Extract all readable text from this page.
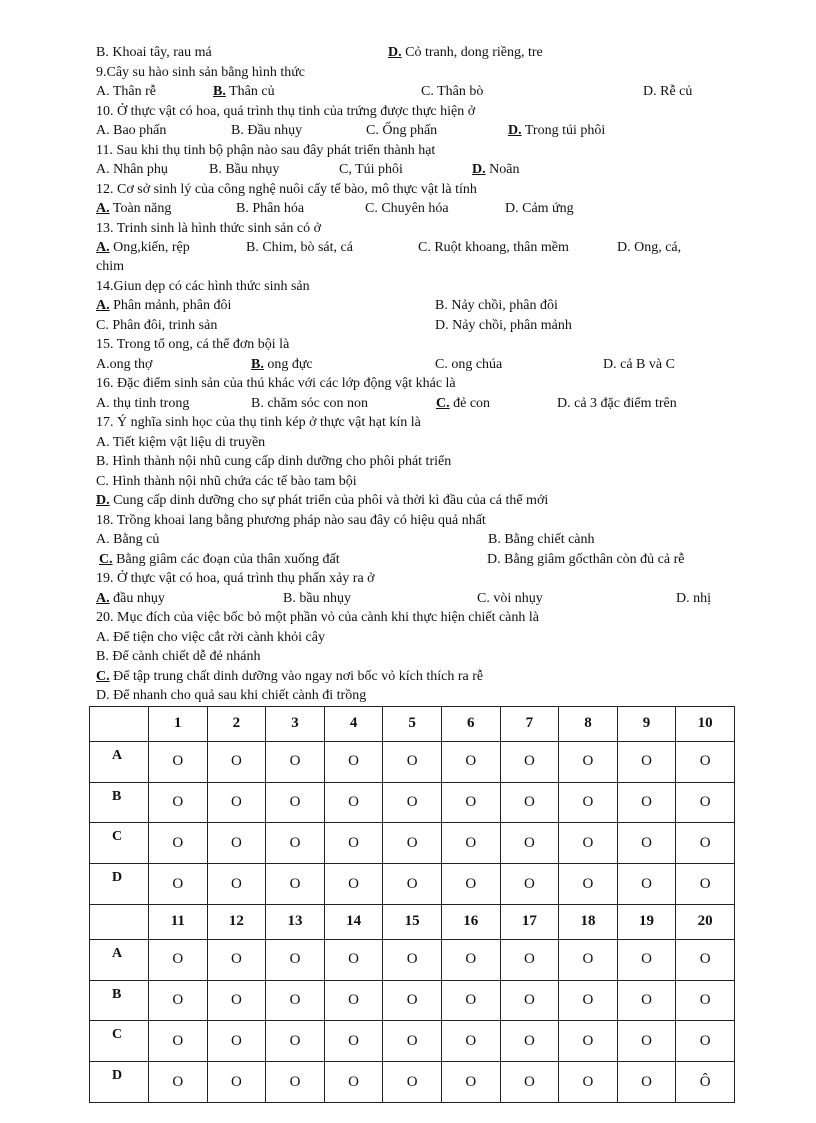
B. Khoai tây, rau má	D. Cỏ tranh, dong riềng, tre
9.Cây su hào sinh sản bằng hình thức
A. Thân rễ	B. Thân củ	C. Thân bò	D. Rễ củ
10. Ở thực vật có hoa, quá trình thụ tinh của trứng được thực hiện ở
A. Bao phấn	B. Đầu nhụy	C. Ống phấn	D. Trong túi phôi
11. Sau khi thụ tinh bộ phận nào sau đây phát triển thành hạt
A. Nhân phụ	B. Bầu nhụy	C, Túi phôi	D. Noãn
12. Cơ sở sinh lý của công nghệ nuôi cấy tế bào, mô thực vật là tính
A. Toàn năng	B. Phân hóa	C. Chuyên hóa	D. Cảm ứng
13. Trinh sinh là hình thức sinh sản có ở
A. Ong,kiến, rệp	B. Chim, bò sát, cá	C. Ruột khoang, thân mềm	D. Ong, cá,
chim
14.Giun dẹp có các hình thức sinh sản
A. Phân mảnh, phân đôi	B. Nảy chồi, phân đôi
C. Phân đôi, trinh sản	D. Nảy chồi, phân mảnh
15. Trong tổ ong, cá thể đơn bội là
A.ong thợ	B. ong đực	C. ong chúa	D. cả B và C
16. Đặc điểm sinh sản của thú khác với các lớp động vật khác là
A. thụ tinh trong	B. chăm sóc con non	C. đẻ con	D. cả 3 đặc điểm trên
17. Ý nghĩa sinh học của thụ tinh kép ở thực vật hạt kín là
A. Tiết kiệm vật liệu di truyền
B. Hình thành nội nhũ cung cấp dinh dưỡng cho phôi phát triển
C. Hình thành nội nhũ chứa các tế bào tam bội
D. Cung cấp dinh dưỡng cho sự phát triển của phôi và thời kì đầu của cá thể mới
18. Trồng khoai lang bằng phương pháp nào sau đây có hiệu quả nhất
A. Bằng củ	B. Bằng chiết cành
C. Bằng giâm các đoạn của thân xuống đất	D. Bằng giâm gốcthân còn đủ cả rễ
19. Ở thực vật có hoa, quá trình thụ phấn xảy ra ở
A. đầu nhụy	B. bầu nhụy	C. vòi nhụy	D. nhị
20. Mục đích của việc bốc bỏ một phần vỏ của cành khi thực hiện chiết cành là
A. Để tiện cho việc cắt rời cành khỏi cây
B. Để cành chiết dễ đẻ nhánh
C. Để tập trung chất dinh dưỡng vào ngay nơi bốc vỏ kích thích ra rễ
D. Để nhanh cho quả sau khi chiết cành đi trồng
	1	2	3	4	5	6	7	8	9	10
A	O	O	O	O	O	O	O	O	O	O
B	O	O	O	O	O	O	O	O	O	O
C	O	O	O	O	O	O	O	O	O	O
D	O	O	O	O	O	O	O	O	O	O
	11	12	13	14	15	16	17	18	19	20
A	O	O	O	O	O	O	O	O	O	O
B	O	O	O	O	O	O	O	O	O	O
C	O	O	O	O	O	O	O	O	O	O
D	O	O	O	O	O	O	O	O	O	Ô
